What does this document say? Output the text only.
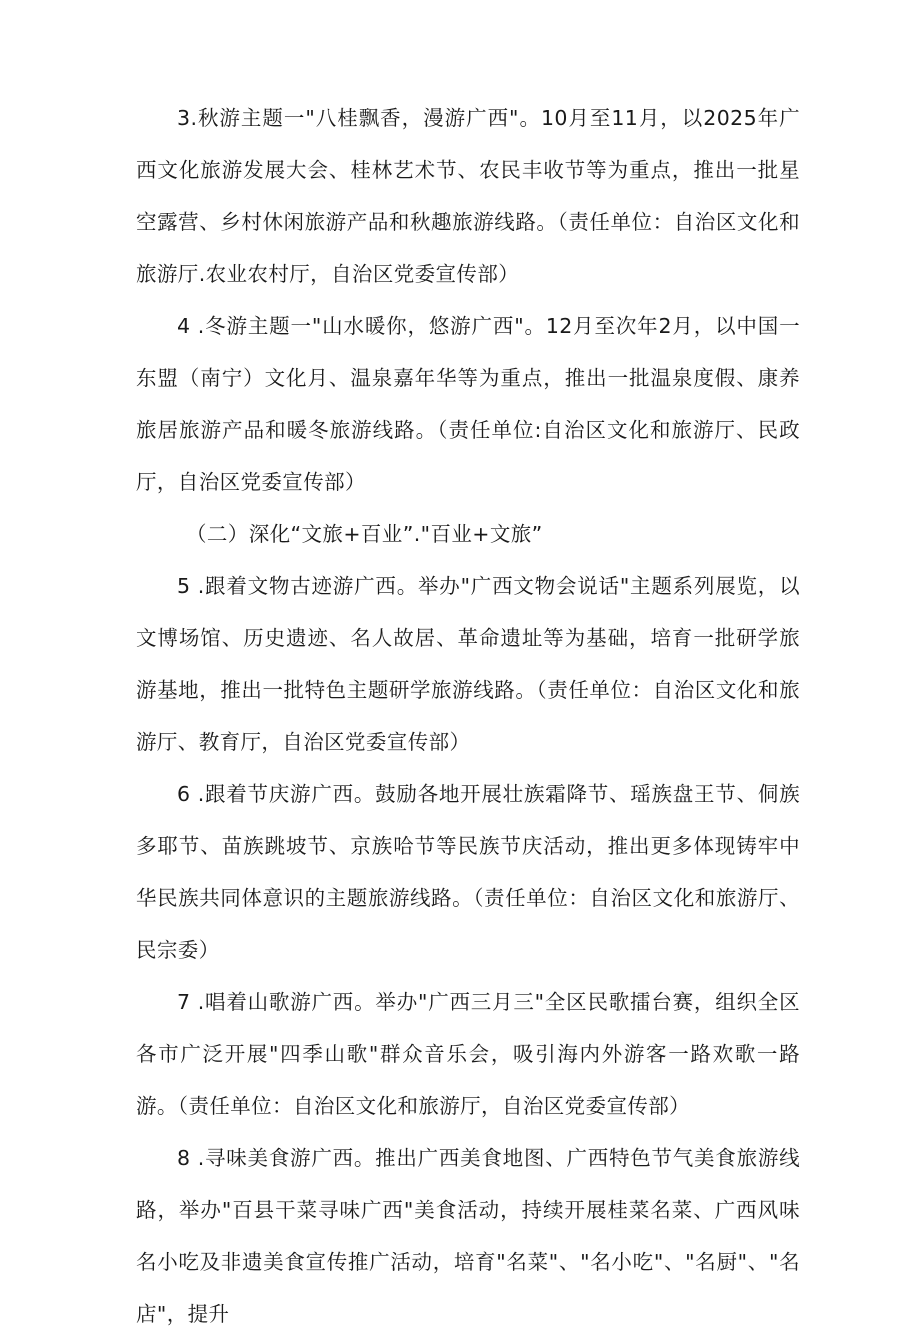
3.秋游主题一"八桂飘香，漫游广西"。10月至11月，以2025年广西文化旅游发展大会、桂林艺术节、农民丰收节等为重点，推出一批星空露营、乡村休闲旅游产品和秋趣旅游线路。（责任单位：自治区文化和旅游厅.农业农村厅，自治区党委宣传部）

4 .冬游主题一"山水暖你，悠游广西"。12月至次年2月，以中国一东盟（南宁）文化月、温泉嘉年华等为重点，推出一批温泉度假、康养旅居旅游产品和暖冬旅游线路。（责任单位:自治区文化和旅游厅、民政厅，自治区党委宣传部）

（二）深化“文旅+百业”."百业+文旅”

5 .跟着文物古迹游广西。举办"广西文物会说话"主题系列展览，以文博场馆、历史遗迹、名人故居、革命遗址等为基础，培育一批研学旅游基地，推出一批特色主题研学旅游线路。（责任单位：自治区文化和旅游厅、教育厅，自治区党委宣传部）

6 .跟着节庆游广西。鼓励各地开展壮族霜降节、瑶族盘王节、侗族多耶节、苗族跳坡节、京族哈节等民族节庆活动，推出更多体现铸牢中华民族共同体意识的主题旅游线路。（责任单位：自治区文化和旅游厅、民宗委）

7 .唱着山歌游广西。举办"广西三月三"全区民歌擂台赛，组织全区各市广泛开展"四季山歌"群众音乐会，吸引海内外游客一路欢歌一路游。（责任单位：自治区文化和旅游厅，自治区党委宣传部）

8 .寻味美食游广西。推出广西美食地图、广西特色节气美食旅游线路，举办"百县干菜寻味广西"美食活动，持续开展桂菜名菜、广西风味名小吃及非遗美食宣传推广活动，培育"名菜"、"名小吃"、"名厨"、"名店"，提升
